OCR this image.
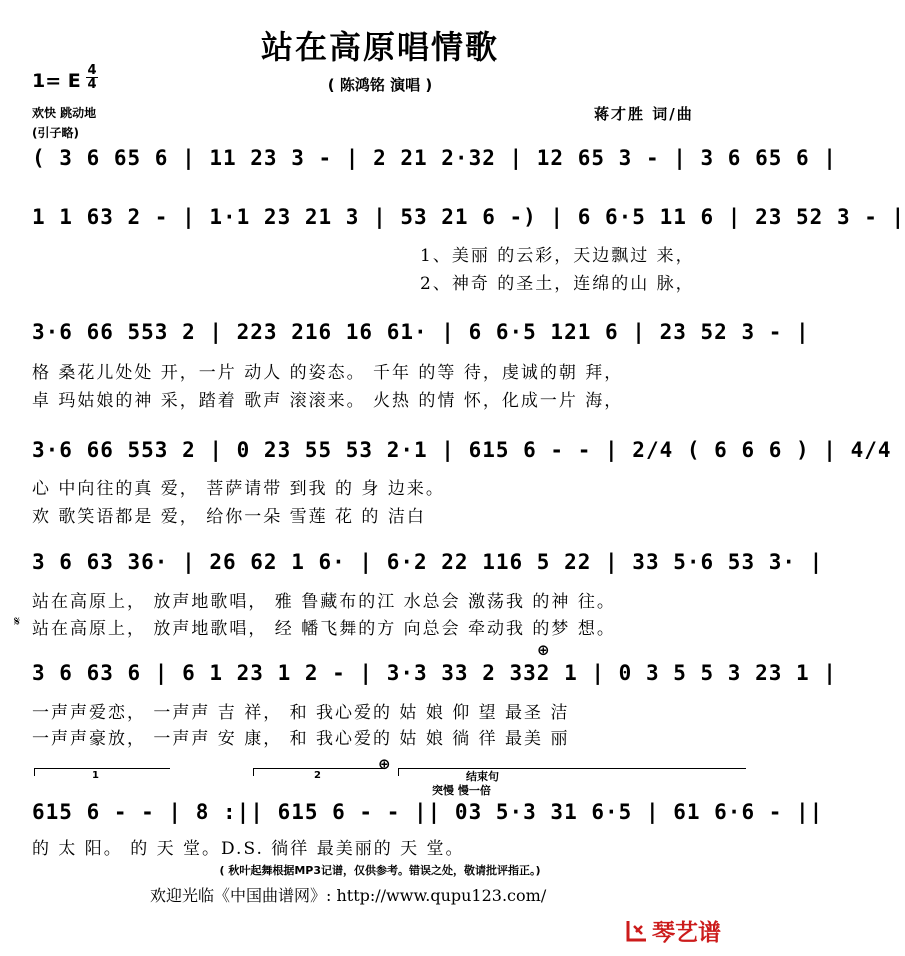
站在高原唱情歌
( 陈鸿铭 演唱 )
1= E 4
4
欢快 跳动地
(引子略)
蒋才胜 词/曲
( 3 6 65 6 | 11 23 3 - | 2 21 2·32 | 12 65 3 - | 3 6 65 6 |
1 1 63 2 - | 1·1 23 21 3 | 53 21 6 -) | 6 6·5 11 6 | 23 52 3 - |
1、美丽 的云彩，天边飘过 来，
2、神奇 的圣土，连绵的山 脉，
3·6 66 553 2 | 223 216 16 61· | 6 6·5 121 6 | 23 52 3 - |
格 桑花儿处处 开，一片 动人 的姿态。 千年 的等 待，虔诚的朝 拜，
卓 玛姑娘的神 采，踏着 歌声 滚滚来。 火热 的情 怀，化成一片 海，
3·6 66 553 2 | 0 23 55 53 2·1 | 615 6 - - | 2/4 ( 6 6 6 ) | 4/4
心 中向往的真 爱， 菩萨请带 到我 的 身 边来。
欢 歌笑语都是 爱， 给你一朵 雪莲 花 的 洁白
3 6 63 36· | 26 62 1 6· | 6·2 22 116 5 22 | 33 5·6 53 3· |
站在高原上， 放声地歌唱， 雅 鲁藏布的江 水总会 激荡我 的神 往。
𝄋 站在高原上， 放声地歌唱， 经 幡飞舞的方 向总会 牵动我 的梦 想。
⊕
3 6 63 6 | 6 1 23 1 2 - | 3·3 33 2 332 1 | 0 3 5 5 3 23 1 |
一声声爱恋， 一声声 吉 祥， 和 我心爱的 姑 娘 仰 望 最圣 洁
一声声豪放， 一声声 安 康， 和 我心爱的 姑 娘 徜 徉 最美 丽
1	2
⊕
结束句
突慢 慢一倍
615 6 - - | 8 :|| 615 6 - - || 03 5·3 31 6·5 | 61 6·6 - ||
的 太 阳。 的 天 堂。D.S. 徜徉 最美丽的 天 堂。
( 秋叶起舞根据MP3记谱，仅供参考。错误之处，敬请批评指正。)
欢迎光临《中国曲谱网》: http://www.qupu123.com/
琴艺谱
